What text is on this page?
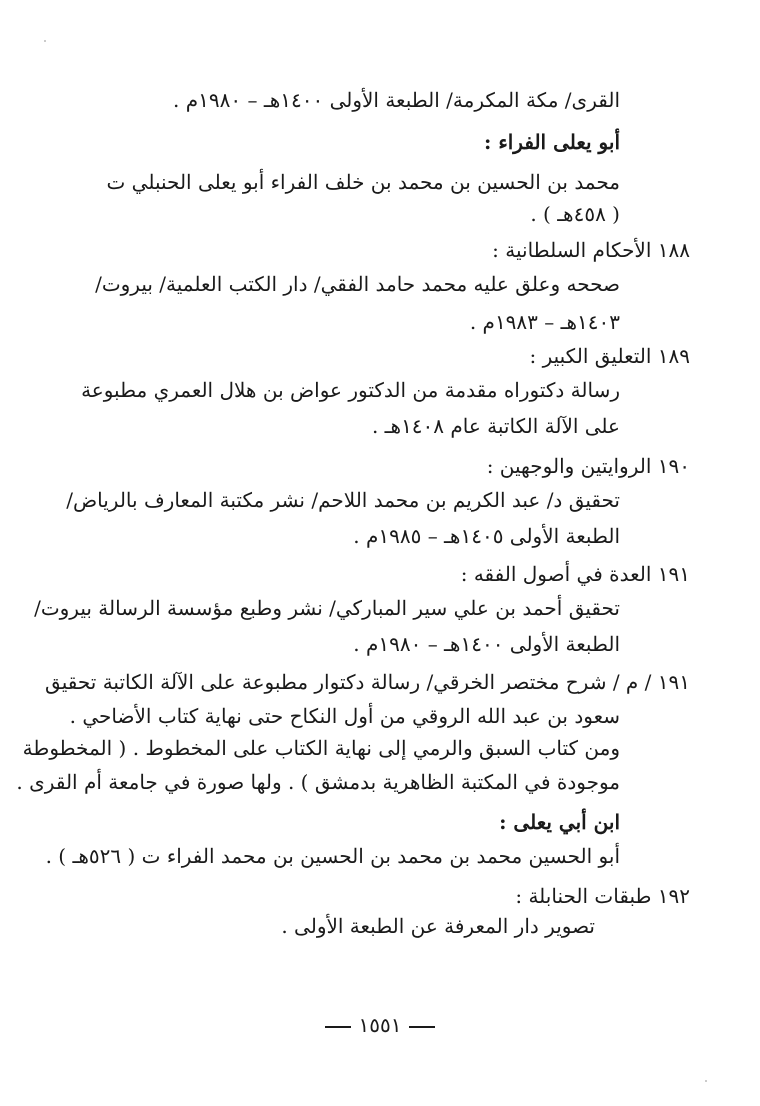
القرى/ مكة المكرمة/ الطبعة الأولى ١٤٠٠هـ – ١٩٨٠م .
أبو يعلى الفراء :
محمد بن الحسين بن محمد بن خلف الفراء أبو يعلى الحنبلي ت
( ٤٥٨هـ ) .
١٨٨ الأحكام السلطانية :
صححه وعلق عليه محمد حامد الفقي/ دار الكتب العلمية/ بيروت/
١٤٠٣هـ – ١٩٨٣م .
١٨٩ التعليق الكبير :
رسالة دكتوراه مقدمة من الدكتور عواض بن هلال العمري مطبوعة
على الآلة الكاتبة عام ١٤٠٨هـ .
١٩٠ الروايتين والوجهين :
تحقيق د/ عبد الكريم بن محمد اللاحم/ نشر مكتبة المعارف بالرياض/
الطبعة الأولى ١٤٠٥هـ – ١٩٨٥م .
١٩١ العدة في أصول الفقه :
تحقيق أحمد بن علي سير المباركي/ نشر وطبع مؤسسة الرسالة بيروت/
الطبعة الأولى ١٤٠٠هـ – ١٩٨٠م .
١٩١ / م / شرح مختصر الخرقي/ رسالة دكتوار مطبوعة على الآلة الكاتبة تحقيق
سعود بن عبد الله الروقي من أول النكاح حتى نهاية كتاب الأضاحي .
ومن كتاب السبق والرمي إلى نهاية الكتاب على المخطوط . ( المخطوطة
موجودة في المكتبة الظاهرية بدمشق ) . ولها صورة في جامعة أم القرى .
ابن أبي يعلى :
أبو الحسين محمد بن محمد بن الحسين بن محمد الفراء ت ( ٥٢٦هـ ) .
١٩٢ طبقات الحنابلة :
تصوير دار المعرفة عن الطبعة الأولى .
١٥٥١
